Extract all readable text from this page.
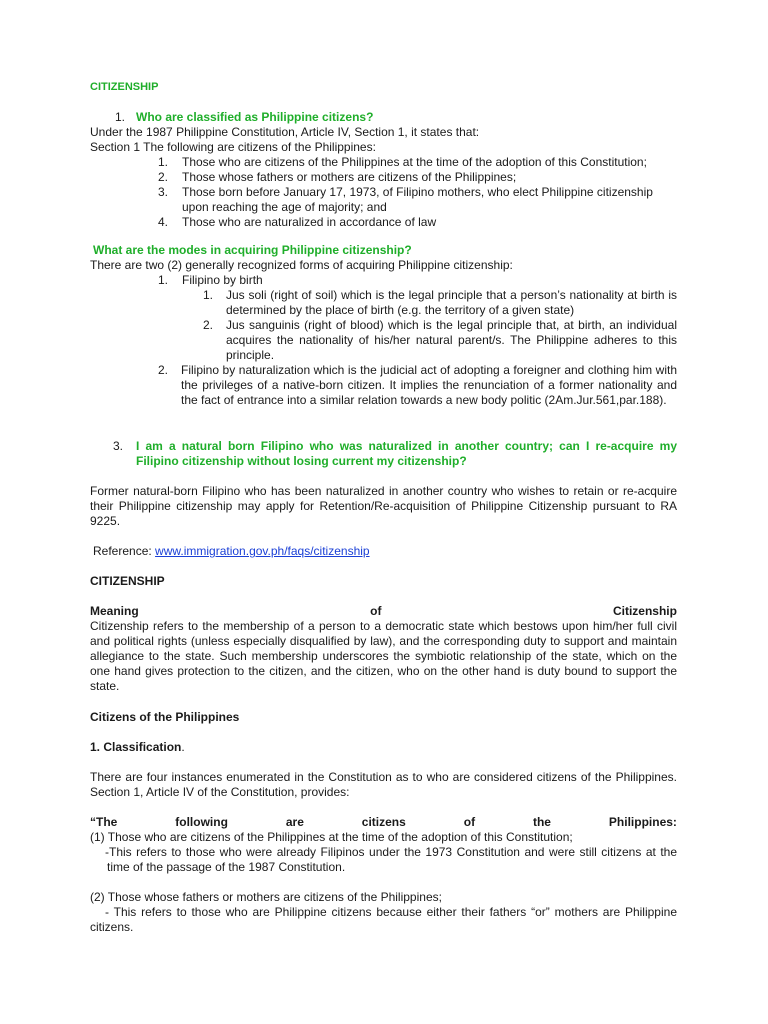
CITIZENSHIP
1. Who are classified as Philippine citizens?
Under the 1987 Philippine Constitution, Article IV, Section 1, it states that:
Section 1 The following are citizens of the Philippines:
1. Those who are citizens of the Philippines at the time of the adoption of this Constitution;
2. Those whose fathers or mothers are citizens of the Philippines;
3. Those born before January 17, 1973, of Filipino mothers, who elect Philippine citizenship
upon reaching the age of majority; and
4. Those who are naturalized in accordance of law
What are the modes in acquiring Philippine citizenship?
There are two (2) generally recognized forms of acquiring Philippine citizenship:
1. Filipino by birth
1. Jus soli (right of soil) which is the legal principle that a person’s nationality at birth is determined by the place of birth (e.g. the territory of a given state)
2. Jus sanguinis (right of blood) which is the legal principle that, at birth, an individual acquires the nationality of his/her natural parent/s. The Philippine adheres to this principle.
2. Filipino by naturalization which is the judicial act of adopting a foreigner and clothing him with the privileges of a native-born citizen. It implies the renunciation of a former nationality and the fact of entrance into a similar relation towards a new body politic (2Am.Jur.561,par.188).
3. I am a natural born Filipino who was naturalized in another country; can I re-acquire my Filipino citizenship without losing current my citizenship?
Former natural-born Filipino who has been naturalized in another country who wishes to retain or re-acquire their Philippine citizenship may apply for Retention/Re-acquisition of Philippine Citizenship pursuant to RA 9225.
Reference: www.immigration.gov.ph/faqs/citizenship
CITIZENSHIP
Meaning	of	Citizenship
Citizenship refers to the membership of a person to a democratic state which bestows upon him/her full civil and political rights (unless especially disqualified by law), and the corresponding duty to support and maintain allegiance to the state. Such membership underscores the symbiotic relationship of the state, which on the one hand gives protection to the citizen, and the citizen, who on the other hand is duty bound to support the state.
Citizens of the Philippines
1. Classification.
There are four instances enumerated in the Constitution as to who are considered citizens of the Philippines. Section 1, Article IV of the Constitution, provides:
“The	following	are	citizens	of	the	Philippines:
(1) Those who are citizens of the Philippines at the time of the adoption of this Constitution;
-This refers to those who were already Filipinos under the 1973 Constitution and were still citizens at the time of the passage of the 1987 Constitution.
(2) Those whose fathers or mothers are citizens of the Philippines;
- This refers to those who are Philippine citizens because either their fathers “or” mothers are Philippine citizens.
